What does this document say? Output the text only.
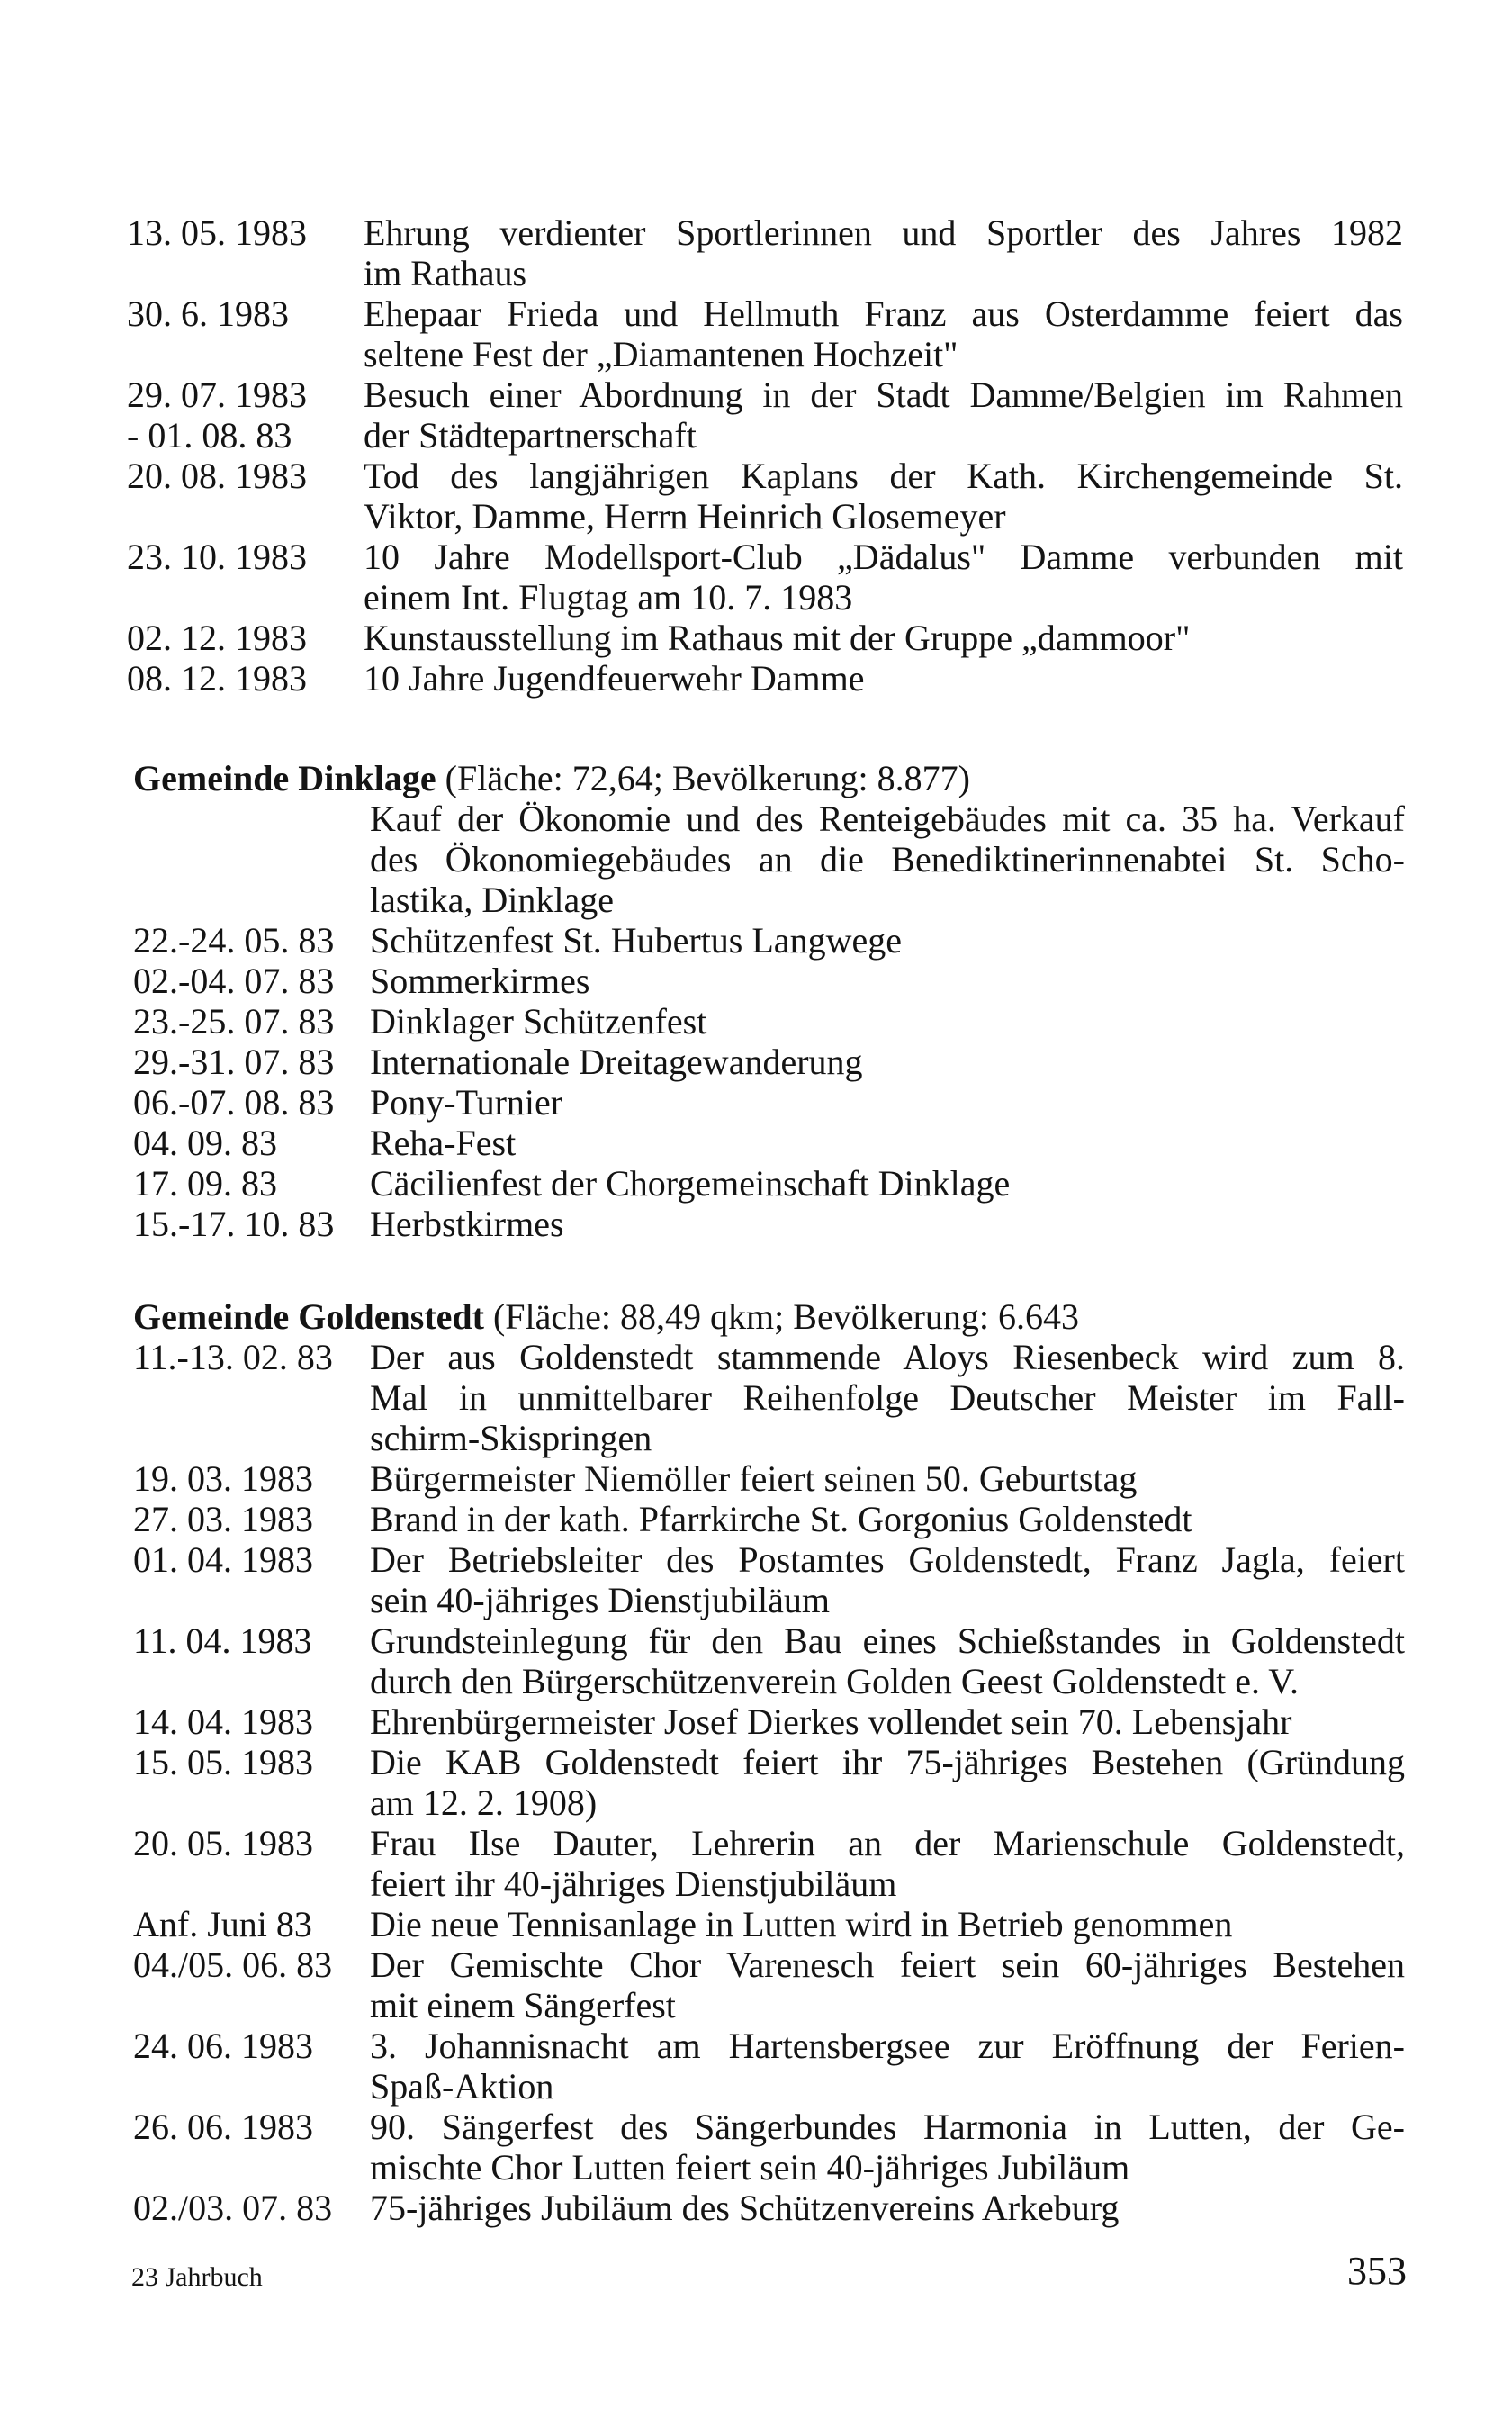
13. 05. 1983 Ehrung verdienter Sportlerinnen und Sportler des Jahres 1982
im Rathaus
30. 6. 1983 Ehepaar Frieda und Hellmuth Franz aus Osterdamme feiert das
seltene Fest der „Diamantenen Hochzeit"
29. 07. 1983 Besuch einer Abordnung in der Stadt Damme/Belgien im Rahmen
- 01. 08. 83 der Städtepartnerschaft
20. 08. 1983 Tod des langjährigen Kaplans der Kath. Kirchengemeinde St.
Viktor, Damme, Herrn Heinrich Glosemeyer
23. 10. 1983 10 Jahre Modellsport-Club „Dädalus" Damme verbunden mit
einem Int. Flugtag am 10. 7. 1983
02. 12. 1983 Kunstausstellung im Rathaus mit der Gruppe „dammoor"
08. 12. 1983 10 Jahre Jugendfeuerwehr Damme
Gemeinde Dinklage (Fläche: 72,64; Bevölkerung: 8.877)
Kauf der Ökonomie und des Renteigebäudes mit ca. 35 ha. Verkauf
des Ökonomiegebäudes an die Benediktinerinnenabtei St. Scho-
lastika, Dinklage
22.-24. 05. 83 Schützenfest St. Hubertus Langwege
02.-04. 07. 83 Sommerkirmes
23.-25. 07. 83 Dinklager Schützenfest
29.-31. 07. 83 Internationale Dreitagewanderung
06.-07. 08. 83 Pony-Turnier
04. 09. 83	Reha-Fest
17. 09. 83	Cäcilienfest der Chorgemeinschaft Dinklage
15.-17. 10. 83 Herbstkirmes
Gemeinde Goldenstedt (Fläche: 88,49 qkm; Bevölkerung: 6.643
11.-13. 02. 83 Der aus Goldenstedt stammende Aloys Riesenbeck wird zum 8.
Mal in unmittelbarer Reihenfolge Deutscher Meister im Fall-
schirm-Skispringen
19. 03. 1983 Bürgermeister Niemöller feiert seinen 50. Geburtstag
27. 03. 1983 Brand in der kath. Pfarrkirche St. Gorgonius Goldenstedt
01. 04. 1983 Der Betriebsleiter des Postamtes Goldenstedt, Franz Jagla, feiert
sein 40-jähriges Dienstjubiläum
11. 04. 1983 Grundsteinlegung für den Bau eines Schießstandes in Goldenstedt
durch den Bürgerschützenverein Golden Geest Goldenstedt e. V.
14. 04. 1983 Ehrenbürgermeister Josef Dierkes vollendet sein 70. Lebensjahr
15. 05. 1983 Die KAB Goldenstedt feiert ihr 75-jähriges Bestehen (Gründung
am 12. 2. 1908)
20. 05. 1983 Frau Ilse Dauter, Lehrerin an der Marienschule Goldenstedt,
feiert ihr 40-jähriges Dienstjubiläum
Anf. Juni 83 Die neue Tennisanlage in Lutten wird in Betrieb genommen
04./05. 06. 83 Der Gemischte Chor Varenesch feiert sein 60-jähriges Bestehen
mit einem Sängerfest
24. 06. 1983 3. Johannisnacht am Hartensbergsee zur Eröffnung der Ferien-
Spaß-Aktion
26. 06. 1983 90. Sängerfest des Sängerbundes Harmonia in Lutten, der Ge-
mischte Chor Lutten feiert sein 40-jähriges Jubiläum
02./03. 07. 83 75-jähriges Jubiläum des Schützenvereins Arkeburg
23 Jahrbuch	353
